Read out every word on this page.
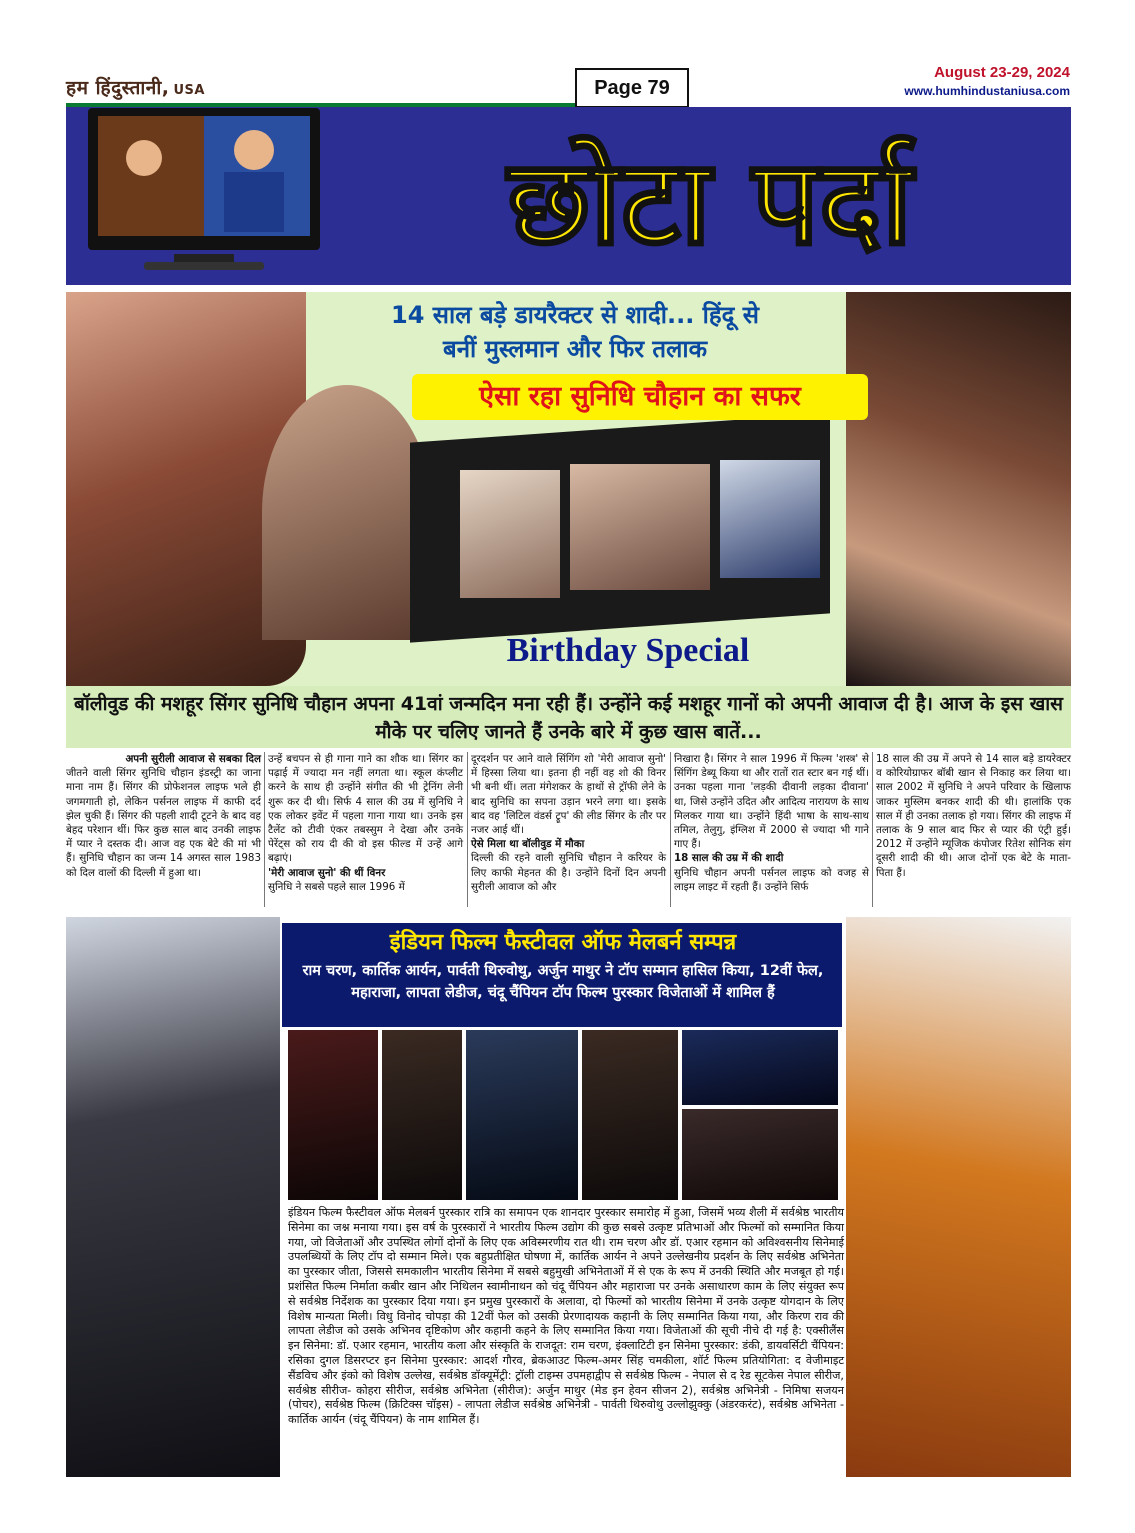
हम हिंदुस्तानी, USA	Page 79
August 23-29, 2024
www.humhindustaniusa.com
छोटा पर्दा
14 साल बड़े डायरैक्टर से शादी... हिंदू से
बनीं मुस्लमान और फिर तलाक
ऐसा रहा सुनिधि चौहान का सफर
Birthday Special
बॉलीवुड की मशहूर सिंगर सुनिधि चौहान अपना 41वां जन्मदिन मना रही हैं। उन्होंने कई मशहूर गानों को अपनी आवाज दी है। आज के इस खास मौके पर चलिए जानते हैं उनके बारे में कुछ खास बातें...
अपनी सुरीली आवाज से सबका दिल
जीतने वाली सिंगर सुनिधि चौहान इंडस्ट्री का जाना माना नाम हैं। सिंगर की प्रोफेशनल लाइफ भले ही जगमगाती हो, लेकिन पर्सनल लाइफ में काफी दर्द झेल चुकी हैं। सिंगर की पहली शादी टूटने के बाद वह बेहद परेशान थीं। फिर कुछ साल बाद उनकी लाइफ में प्यार ने दस्तक दी। आज वह एक बेटे की मां भी हैं। सुनिधि चौहान का जन्म 14 अगस्त साल 1983 को दिल वालों की दिल्ली में हुआ था।
उन्हें बचपन से ही गाना गाने का शौक था। सिंगर का पढ़ाई में ज्यादा मन नहीं लगता था। स्कूल कंप्लीट करने के साथ ही उन्होंने संगीत की भी ट्रेनिंग लेनी शुरू कर दी थी। सिर्फ 4 साल की उम्र में सुनिधि ने एक लोकर इवेंट में पहला गाना गाया था। उनके इस टैलेंट को टीवी एंकर तबस्सुम ने देखा और उनके पेरेंट्स को राय दी की वो इस फील्ड में उन्हें आगे बढ़ाएं।
'मेरी आवाज सुनो' की थीं विनर
सुनिधि ने सबसे पहले साल 1996 में
दूरदर्शन पर आने वाले सिंगिंग शो 'मेरी आवाज सुनो' में हिस्सा लिया था। इतना ही नहीं वह शो की विनर भी बनी थीं। लता मंगेशकर के हाथों से ट्रॉफी लेने के बाद सुनिधि का सपना उड़ान भरने लगा था। इसके बाद वह 'लिटिल वंडर्स ट्रूप' की लीड सिंगर के तौर पर नजर आई थीं।
ऐसे मिला था बॉलीवुड में मौका
दिल्ली की रहने वाली सुनिधि चौहान ने करियर के लिए काफी मेहनत की है। उन्होंने दिनों दिन अपनी सुरीली आवाज को और
निखारा है। सिंगर ने साल 1996 में फिल्म 'शस्त्र' से सिंगिंग डेब्यू किया था और रातों रात स्टार बन गई थीं। उनका पहला गाना 'लड़की दीवानी लड़का दीवाना' था, जिसे उन्होंने उदित और आदित्य नारायण के साथ मिलकर गाया था। उन्होंने हिंदी भाषा के साथ-साथ तमिल, तेलुगु, इंग्लिश में 2000 से ज्यादा भी गाने गाए हैं।
18 साल की उम्र में की शादी
सुनिधि चौहान अपनी पर्सनल लाइफ को वजह से लाइम लाइट में रहती हैं। उन्होंने सिर्फ
18 साल की उम्र में अपने से 14 साल बड़े डायरेक्टर व कोरियोग्राफर बॉबी खान से निकाह कर लिया था। साल 2002 में सुनिधि ने अपने परिवार के खिलाफ जाकर मुस्लिम बनकर शादी की थी। हालांकि एक साल में ही उनका तलाक हो गया। सिंगर की लाइफ में तलाक के 9 साल बाद फिर से प्यार की एंट्री हुई। 2012 में उन्होंने म्यूजिक कंपोजर रितेश सोनिक संग दूसरी शादी की थी। आज दोनों एक बेटे के माता-पिता हैं।
इंडियन फिल्म फैस्टीवल ऑफ मेलबर्न सम्पन्न
राम चरण, कार्तिक आर्यन, पार्वती थिरुवोथु, अर्जुन माथुर ने टॉप सम्मान हासिल किया, 12वीं फेल, महाराजा, लापता लेडीज, चंदू चैंपियन टॉप फिल्म पुरस्कार विजेताओं में शामिल हैं
इंडियन फिल्म फैस्टीवल ऑफ मेलबर्न पुरस्कार रात्रि का समापन एक शानदार पुरस्कार समारोह में हुआ, जिसमें भव्य शैली में सर्वश्रेष्ठ भारतीय सिनेमा का जश्न मनाया गया। इस वर्ष के पुरस्कारों ने भारतीय फिल्म उद्योग की कुछ सबसे उत्कृष्ट प्रतिभाओं और फिल्मों को सम्मानित किया गया, जो विजेताओं और उपस्थित लोगों दोनों के लिए एक अविस्मरणीय रात थी। राम चरण और डॉ. एआर रहमान को अविश्वसनीय सिनेमाई उपलब्धियों के लिए टॉप दो सम्मान मिले। एक बहुप्रतीक्षित घोषणा में, कार्तिक आर्यन ने अपने उल्लेखनीय प्रदर्शन के लिए सर्वश्रेष्ठ अभिनेता का पुरस्कार जीता, जिससे समकालीन भारतीय सिनेमा में सबसे बहुमुखी अभिनेताओं में से एक के रूप में उनकी स्थिति और मजबूत हो गई। प्रशंसित फिल्म निर्माता कबीर खान और निथिलन स्वामीनाथन को चंदू चैंपियन और महाराजा पर उनके असाधारण काम के लिए संयुक्त रूप से सर्वश्रेष्ठ निर्देशक का पुरस्कार दिया गया। इन प्रमुख पुरस्कारों के अलावा, दो फिल्मों को भारतीय सिनेमा में उनके उत्कृष्ट योगदान के लिए विशेष मान्यता मिली। विधु विनोद चोपड़ा की 12वीं फेल को उसकी प्रेरणादायक कहानी के लिए सम्मानित किया गया, और किरण राव की लापता लेडीज को उसके अभिनव दृष्टिकोण और कहानी कहने के लिए सम्मानित किया गया। विजेताओं की सूची नीचे दी गई है: एक्सीलैंस इन सिनेमा: डॉ. एआर रहमान, भारतीय कला और संस्कृति के राजदूत: राम चरण, इंक्लाटिटी इन सिनेमा पुरस्कार: डंकी, डायवर्सिटी चैंपियन: रसिका दुगल डिसरप्टर इन सिनेमा पुरस्कार: आदर्श गौरव, ब्रेकआउट फिल्म-अमर सिंह चमकीला, शॉर्ट फिल्म प्रतियोगिता: द वेजीमाइट सैंडविच और इंको को विशेष उल्लेख, सर्वश्रेष्ठ डॉक्यूमेंट्री: ट्रॉली टाइम्स उपमहाद्वीप से सर्वश्रेष्ठ फिल्म - नेपाल से द रेड सूटकेस नेपाल सीरीज, सर्वश्रेष्ठ सीरीज- कोहरा सीरीज, सर्वश्रेष्ठ अभिनेता (सीरीज): अर्जुन माथुर (मेड इन हेवन सीजन 2), सर्वश्रेष्ठ अभिनेत्री - निमिषा सजयन (पोचर), सर्वश्रेष्ठ फिल्म (क्रिटिक्स चॉइस) - लापता लेडीज सर्वश्रेष्ठ अभिनेत्री - पार्वती थिरुवोथु उल्लोझुक्कु (अंडरकरंट), सर्वश्रेष्ठ अभिनेता - कार्तिक आर्यन (चंदू चैंपियन) के नाम शामिल हैं।
